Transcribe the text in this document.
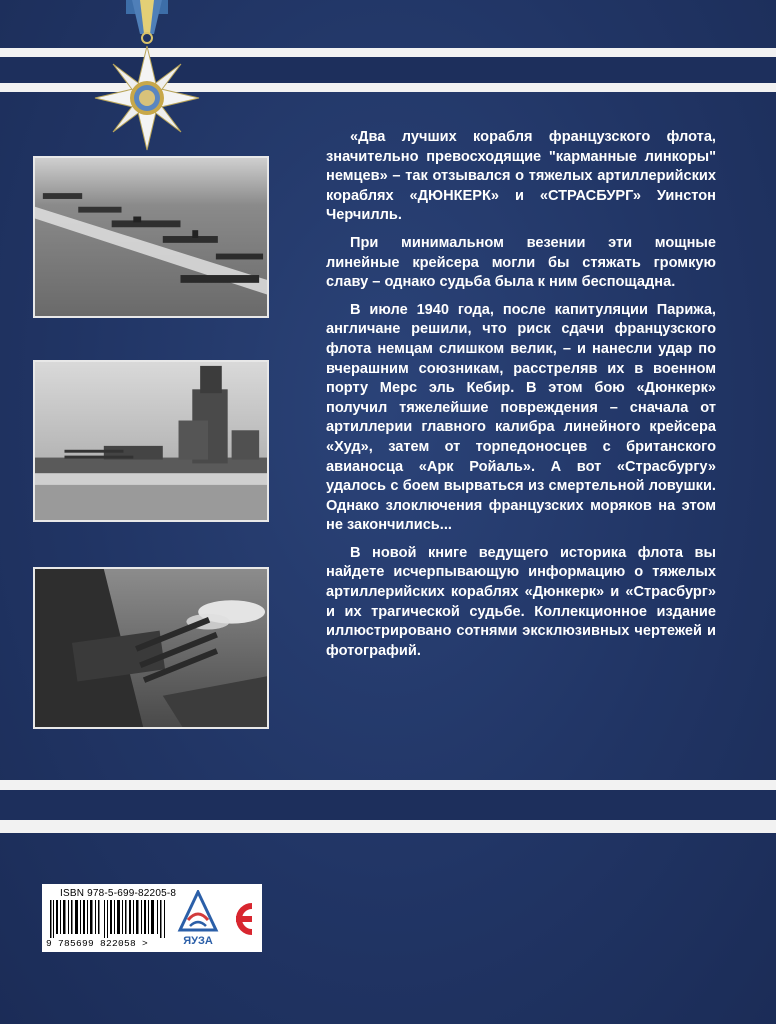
«Два лучших корабля французского флота, значительно превосходящие "карманные линкоры" немцев» – так отзывался о тяжелых артиллерийских кораблях «ДЮНКЕРК» и «СТРАСБУРГ» Уинстон Черчилль.

При минимальном везении эти мощные линейные крейсера могли бы стяжать громкую славу – однако судьба была к ним беспощадна.

В июле 1940 года, после капитуляции Парижа, англичане решили, что риск сдачи французского флота немцам слишком велик, – и нанесли удар по вчерашним союзникам, расстреляв их в военном порту Мерс эль Кебир. В этом бою «Дюнкерк» получил тяжелейшие повреждения – сначала от артиллерии главного калибра линейного крейсера «Худ», затем от торпедоносцев с британского авианосца «Арк Ройаль». А вот «Страсбургу» удалось с боем вырваться из смертельной ловушки. Однако злоключения французских моряков на этом не закончились...

В новой книге ведущего историка флота вы найдете исчерпывающую информацию о тяжелых артиллерийских кораблях «Дюнкерк» и «Страсбург» и их трагической судьбе. Коллекционное издание иллюстрировано сотнями эксклюзивных чертежей и фотографий.

ISBN 978-5-699-82205-8
9 785699 822058 >	ЯУЗА
